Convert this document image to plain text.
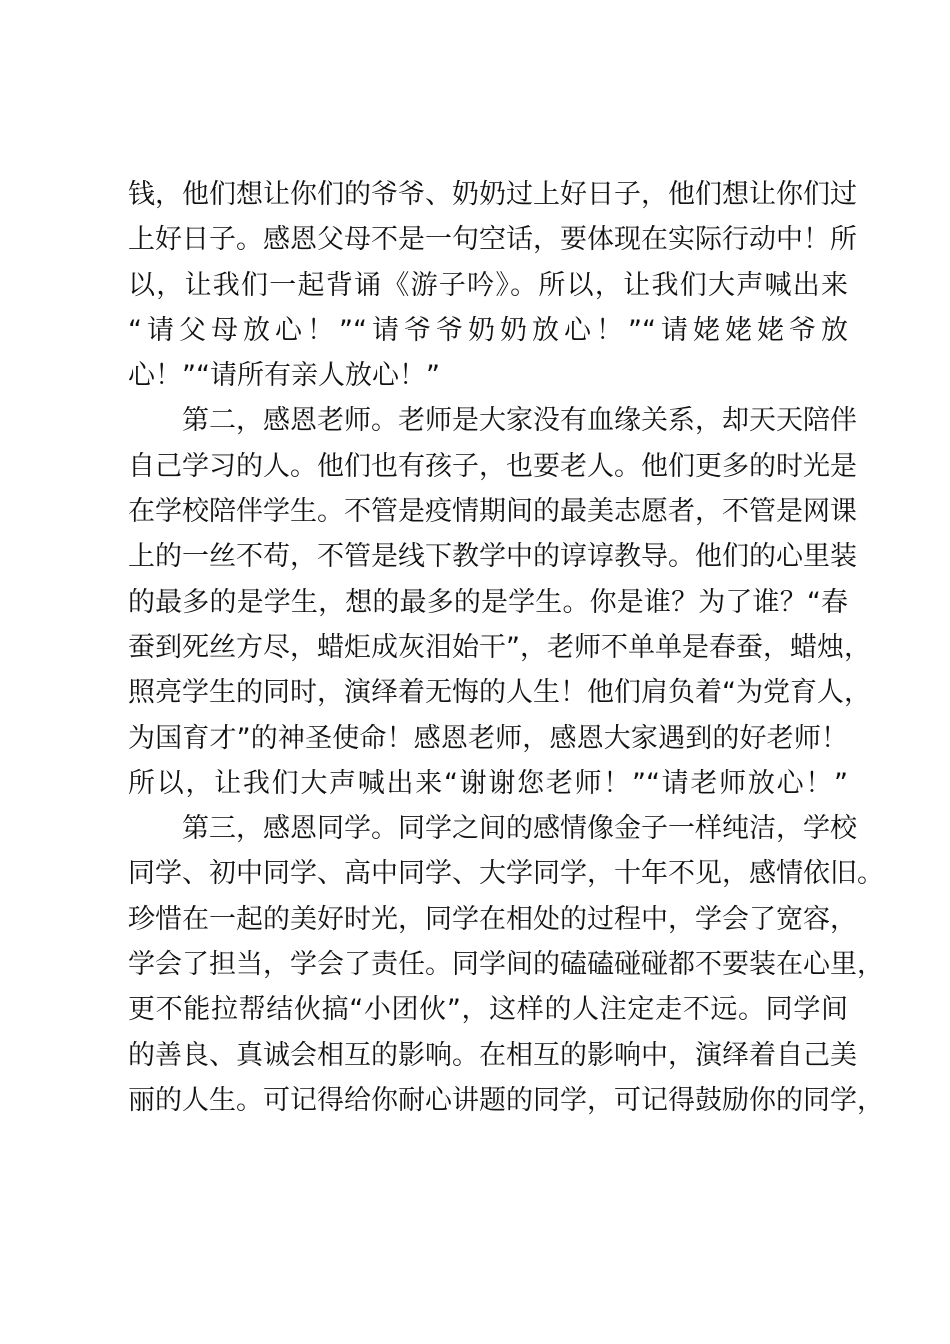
钱，他们想让你们的爷爷、奶奶过上好日子，他们想让你们过
上好日子。感恩父母不是一句空话，要体现在实际行动中！所
以，让我们一起背诵《游子吟》。所以，让我们大声喊出来
“请父母放心！”“请爷爷奶奶放心！”“请姥姥姥爷放
心！”“请所有亲人放心！”
第二，感恩老师。老师是大家没有血缘关系，却天天陪伴
自己学习的人。他们也有孩子，也要老人。他们更多的时光是
在学校陪伴学生。不管是疫情期间的最美志愿者，不管是网课
上的一丝不苟，不管是线下教学中的谆谆教导。他们的心里装
的最多的是学生，想的最多的是学生。你是谁？为了谁？“春
蚕到死丝方尽，蜡炬成灰泪始干”，老师不单单是春蚕，蜡烛，
照亮学生的同时，演绎着无悔的人生！他们肩负着“为党育人，
为国育才”的神圣使命！感恩老师，感恩大家遇到的好老师！
所以，让我们大声喊出来“谢谢您老师！”“请老师放心！”
第三，感恩同学。同学之间的感情像金子一样纯洁，学校
同学、初中同学、高中同学、大学同学，十年不见，感情依旧。
珍惜在一起的美好时光，同学在相处的过程中，学会了宽容，
学会了担当，学会了责任。同学间的磕磕碰碰都不要装在心里，
更不能拉帮结伙搞“小团伙”，这样的人注定走不远。同学间
的善良、真诚会相互的影响。在相互的影响中，演绎着自己美
丽的人生。可记得给你耐心讲题的同学，可记得鼓励你的同学，
